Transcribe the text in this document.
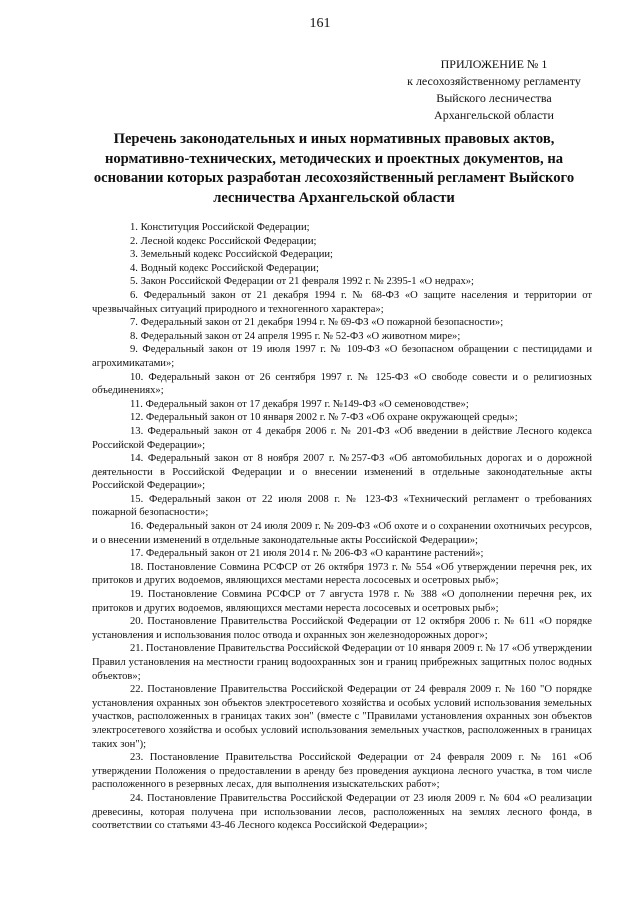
161
ПРИЛОЖЕНИЕ № 1
к лесохозяйственному регламенту
Выйского лесничества
Архангельской области
Перечень законодательных и иных нормативных правовых актов, нормативно-технических, методических и проектных документов, на основании которых разработан лесохозяйственный регламент Выйского лесничества Архангельской области
1. Конституция Российской Федерации;
2. Лесной кодекс Российской Федерации;
3. Земельный кодекс Российской Федерации;
4. Водный кодекс Российской Федерации;
5. Закон Российской Федерации от 21 февраля 1992 г. № 2395-1 «О недрах»;
6. Федеральный закон от 21 декабря 1994 г. № 68-ФЗ «О защите населения и территории от чрезвычайных ситуаций природного и техногенного характера»;
7. Федеральный закон от 21 декабря 1994 г. № 69-ФЗ «О пожарной безопасности»;
8. Федеральный закон от 24 апреля 1995 г. № 52-ФЗ «О животном мире»;
9. Федеральный закон от 19 июля 1997 г. № 109-ФЗ «О безопасном обращении с пестицидами и агрохимикатами»;
10. Федеральный закон от 26 сентября 1997 г. № 125-ФЗ «О свободе совести и о религиозных объединениях»;
11. Федеральный закон от 17 декабря 1997 г. №149-ФЗ «О семеноводстве»;
12. Федеральный закон от 10 января 2002 г. № 7-ФЗ «Об охране окружающей среды»;
13. Федеральный закон от 4 декабря 2006 г. № 201-ФЗ «Об введении в действие Лесного кодекса Российской Федерации»;
14. Федеральный закон от 8 ноября 2007 г. №257-ФЗ «Об автомобильных дорогах и о дорожной деятельности в Российской Федерации и о внесении изменений в отдельные законодательные акты Российской Федерации»;
15. Федеральный закон от 22 июля 2008 г. № 123-ФЗ «Технический регламент о требованиях пожарной безопасности»;
16. Федеральный закон от 24 июля 2009 г. № 209-ФЗ «Об охоте и о сохранении охотничьих ресурсов, и о внесении изменений в отдельные законодательные акты Российской Федерации»;
17. Федеральный закон от 21 июля 2014 г. № 206-ФЗ «О карантине растений»;
18. Постановление Совмина РСФСР от 26 октября 1973 г. № 554 «Об утверждении перечня рек, их притоков и других водоемов, являющихся местами нереста лососевых и осетровых рыб»;
19. Постановление Совмина РСФСР от 7 августа 1978 г. № 388 «О дополнении перечня рек, их притоков и других водоемов, являющихся местами нереста лососевых и осетровых рыб»;
20. Постановление Правительства Российской Федерации от 12 октября 2006 г. № 611 «О порядке установления и использования полос отвода и охранных зон железнодорожных дорог»;
21. Постановление Правительства Российской Федерации от 10 января 2009 г. № 17 «Об утверждении Правил установления на местности границ водоохранных зон и границ прибрежных защитных полос водных объектов»;
22. Постановление Правительства Российской Федерации от 24 февраля 2009 г. № 160 "О порядке установления охранных зон объектов электросетевого хозяйства и особых условий использования земельных участков, расположенных в границах таких зон" (вместе с "Правилами установления охранных зон объектов электросетевого хозяйства и особых условий использования земельных участков, расположенных в границах таких зон");
23. Постановление Правительства Российской Федерации от 24 февраля 2009 г. № 161 «Об утверждении Положения о предоставлении в аренду без проведения аукциона лесного участка, в том числе расположенного в резервных лесах, для выполнения изыскательских работ»;
24. Постановление Правительства Российской Федерации от 23 июля 2009 г. № 604 «О реализации древесины, которая получена при использовании лесов, расположенных на землях лесного фонда, в соответствии со статьями 43-46 Лесного кодекса Российской Федерации»;
